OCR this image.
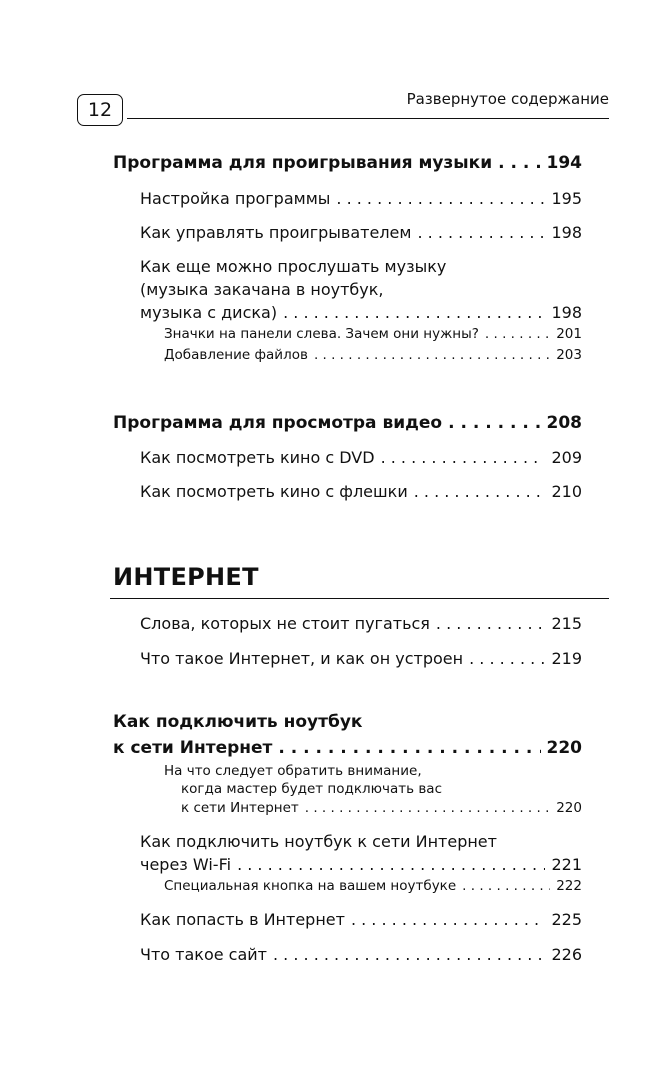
12	Развернутое содержание
Программа для проигрывания музыки . . .	194
Настройка программы . . .	195
Как управлять проигрывателем . . .	198
Как еще можно прослушать музыку
(музыка закачана в ноутбук,
музыка с диска) . . .	198
Значки на панели слева. Зачем они нужны? . . .	201
Добавление файлов . . .	203
Программа для просмотра видео . . .	208
Как посмотреть кино с DVD . . .	209
Как посмотреть кино с флешки . . .	210
ИНТЕРНЕТ
Слова, которых не стоит пугаться . . .	215
Что такое Интернет, и как он устроен . . .	219
Как подключить ноутбук
к сети Интернет . . .	220
На что следует обратить внимание,
когда мастер будет подключать вас
к сети Интернет . . .	220
Как подключить ноутбук к сети Интернет
через Wi-Fi . . .	221
Специальная кнопка на вашем ноутбуке . . .	222
Как попасть в Интернет . . .	225
Что такое сайт . . .	226
